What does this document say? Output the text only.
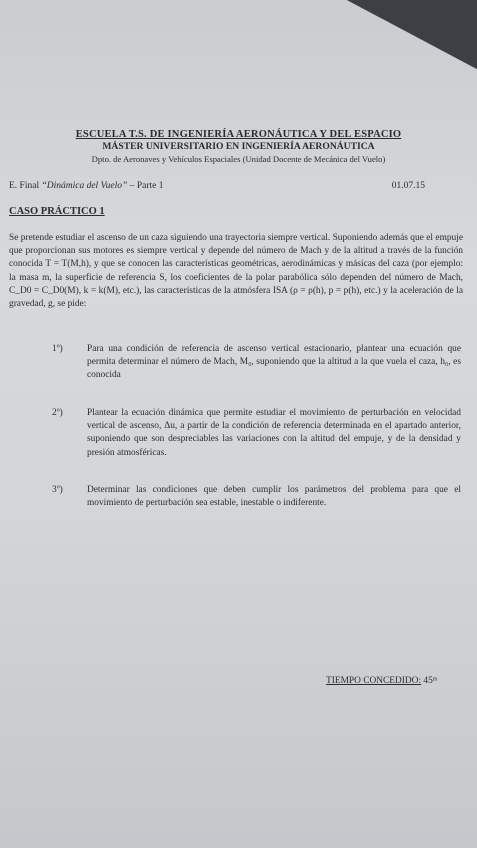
ESCUELA T.S. DE INGENIERÍA AERONÁUTICA Y DEL ESPACIO
MÁSTER UNIVERSITARIO EN INGENIERÍA AERONÁUTICA
Dpto. de Aeronaves y Vehículos Espaciales (Unidad Docente de Mecánica del Vuelo)
E. Final “Dinámica del Vuelo” – Parte 1	01.07.15
CASO PRÁCTICO 1

Se pretende estudiar el ascenso de un caza siguiendo una trayectoria siempre vertical. Suponiendo además que el empuje que proporcionan sus motores es siempre vertical y depende del número de Mach y de la altitud a través de la función conocida T = T(M,h), y que se conocen las características geométricas, aerodinámicas y másicas del caza (por ejemplo: la masa m, la superficie de referencia S, los coeficientes de la polar parabólica sólo dependen del número de Mach, C_D0 = C_D0(M), k = k(M), etc.), las características de la atmósfera ISA (ρ = ρ(h), p = p(h), etc.) y la aceleración de la gravedad, g, se pide:

1º)	Para una condición de referencia de ascenso vertical estacionario, plantear una ecuación que permita determinar el número de Mach, M₀, suponiendo que la altitud a la que vuela el caza, h₀, es conocida
2º)	Plantear la ecuación dinámica que permite estudiar el movimiento de perturbación en velocidad vertical de ascenso, Δu, a partir de la condición de referencia determinada en el apartado anterior, suponiendo que son despreciables las variaciones con la altitud del empuje, y de la densidad y presión atmosféricas.
3º)	Determinar las condiciones que deben cumplir los parámetros del problema para que el movimiento de perturbación sea estable, inestable o indiferente.
TIEMPO CONCEDIDO: 45ᵐ
